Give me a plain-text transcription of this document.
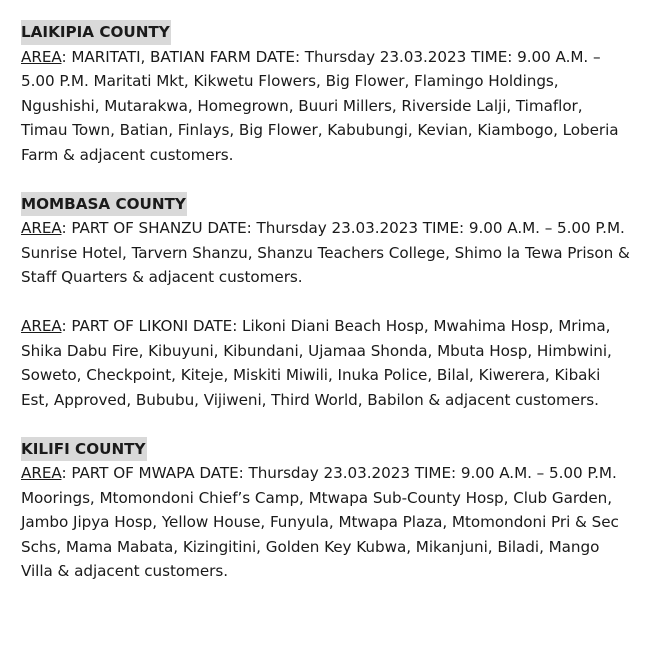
LAIKIPIA COUNTY

AREA: MARITATI, BATIAN FARM DATE: Thursday 23.03.2023 TIME: 9.00 A.M. – 5.00 P.M. Maritati Mkt, Kikwetu Flowers, Big Flower, Flamingo Holdings, Ngushishi, Mutarakwa, Homegrown, Buuri Millers, Riverside Lalji, Timaflor, Timau Town, Batian, Finlays, Big Flower, Kabubungi, Kevian, Kiambogo, Loberia Farm & adjacent customers.

MOMBASA COUNTY

AREA: PART OF SHANZU DATE: Thursday 23.03.2023 TIME: 9.00 A.M. – 5.00 P.M. Sunrise Hotel, Tarvern Shanzu, Shanzu Teachers College, Shimo la Tewa Prison & Staff Quarters & adjacent customers.

AREA: PART OF LIKONI DATE: Likoni Diani Beach Hosp, Mwahima Hosp, Mrima, Shika Dabu Fire, Kibuyuni, Kibundani, Ujamaa Shonda, Mbuta Hosp, Himbwini, Soweto, Checkpoint, Kiteje, Miskiti Miwili, Inuka Police, Bilal, Kiwerera, Kibaki Est, Approved, Bububu, Vijiweni, Third World, Babilon & adjacent customers.

KILIFI COUNTY

AREA: PART OF MWAPA DATE: Thursday 23.03.2023 TIME: 9.00 A.M. – 5.00 P.M. Moorings, Mtomondoni Chief’s Camp, Mtwapa Sub-County Hosp, Club Garden, Jambo Jipya Hosp, Yellow House, Funyula, Mtwapa Plaza, Mtomondoni Pri & Sec Schs, Mama Mabata, Kizingitini, Golden Key Kubwa, Mikanjuni, Biladi, Mango Villa & adjacent customers.
